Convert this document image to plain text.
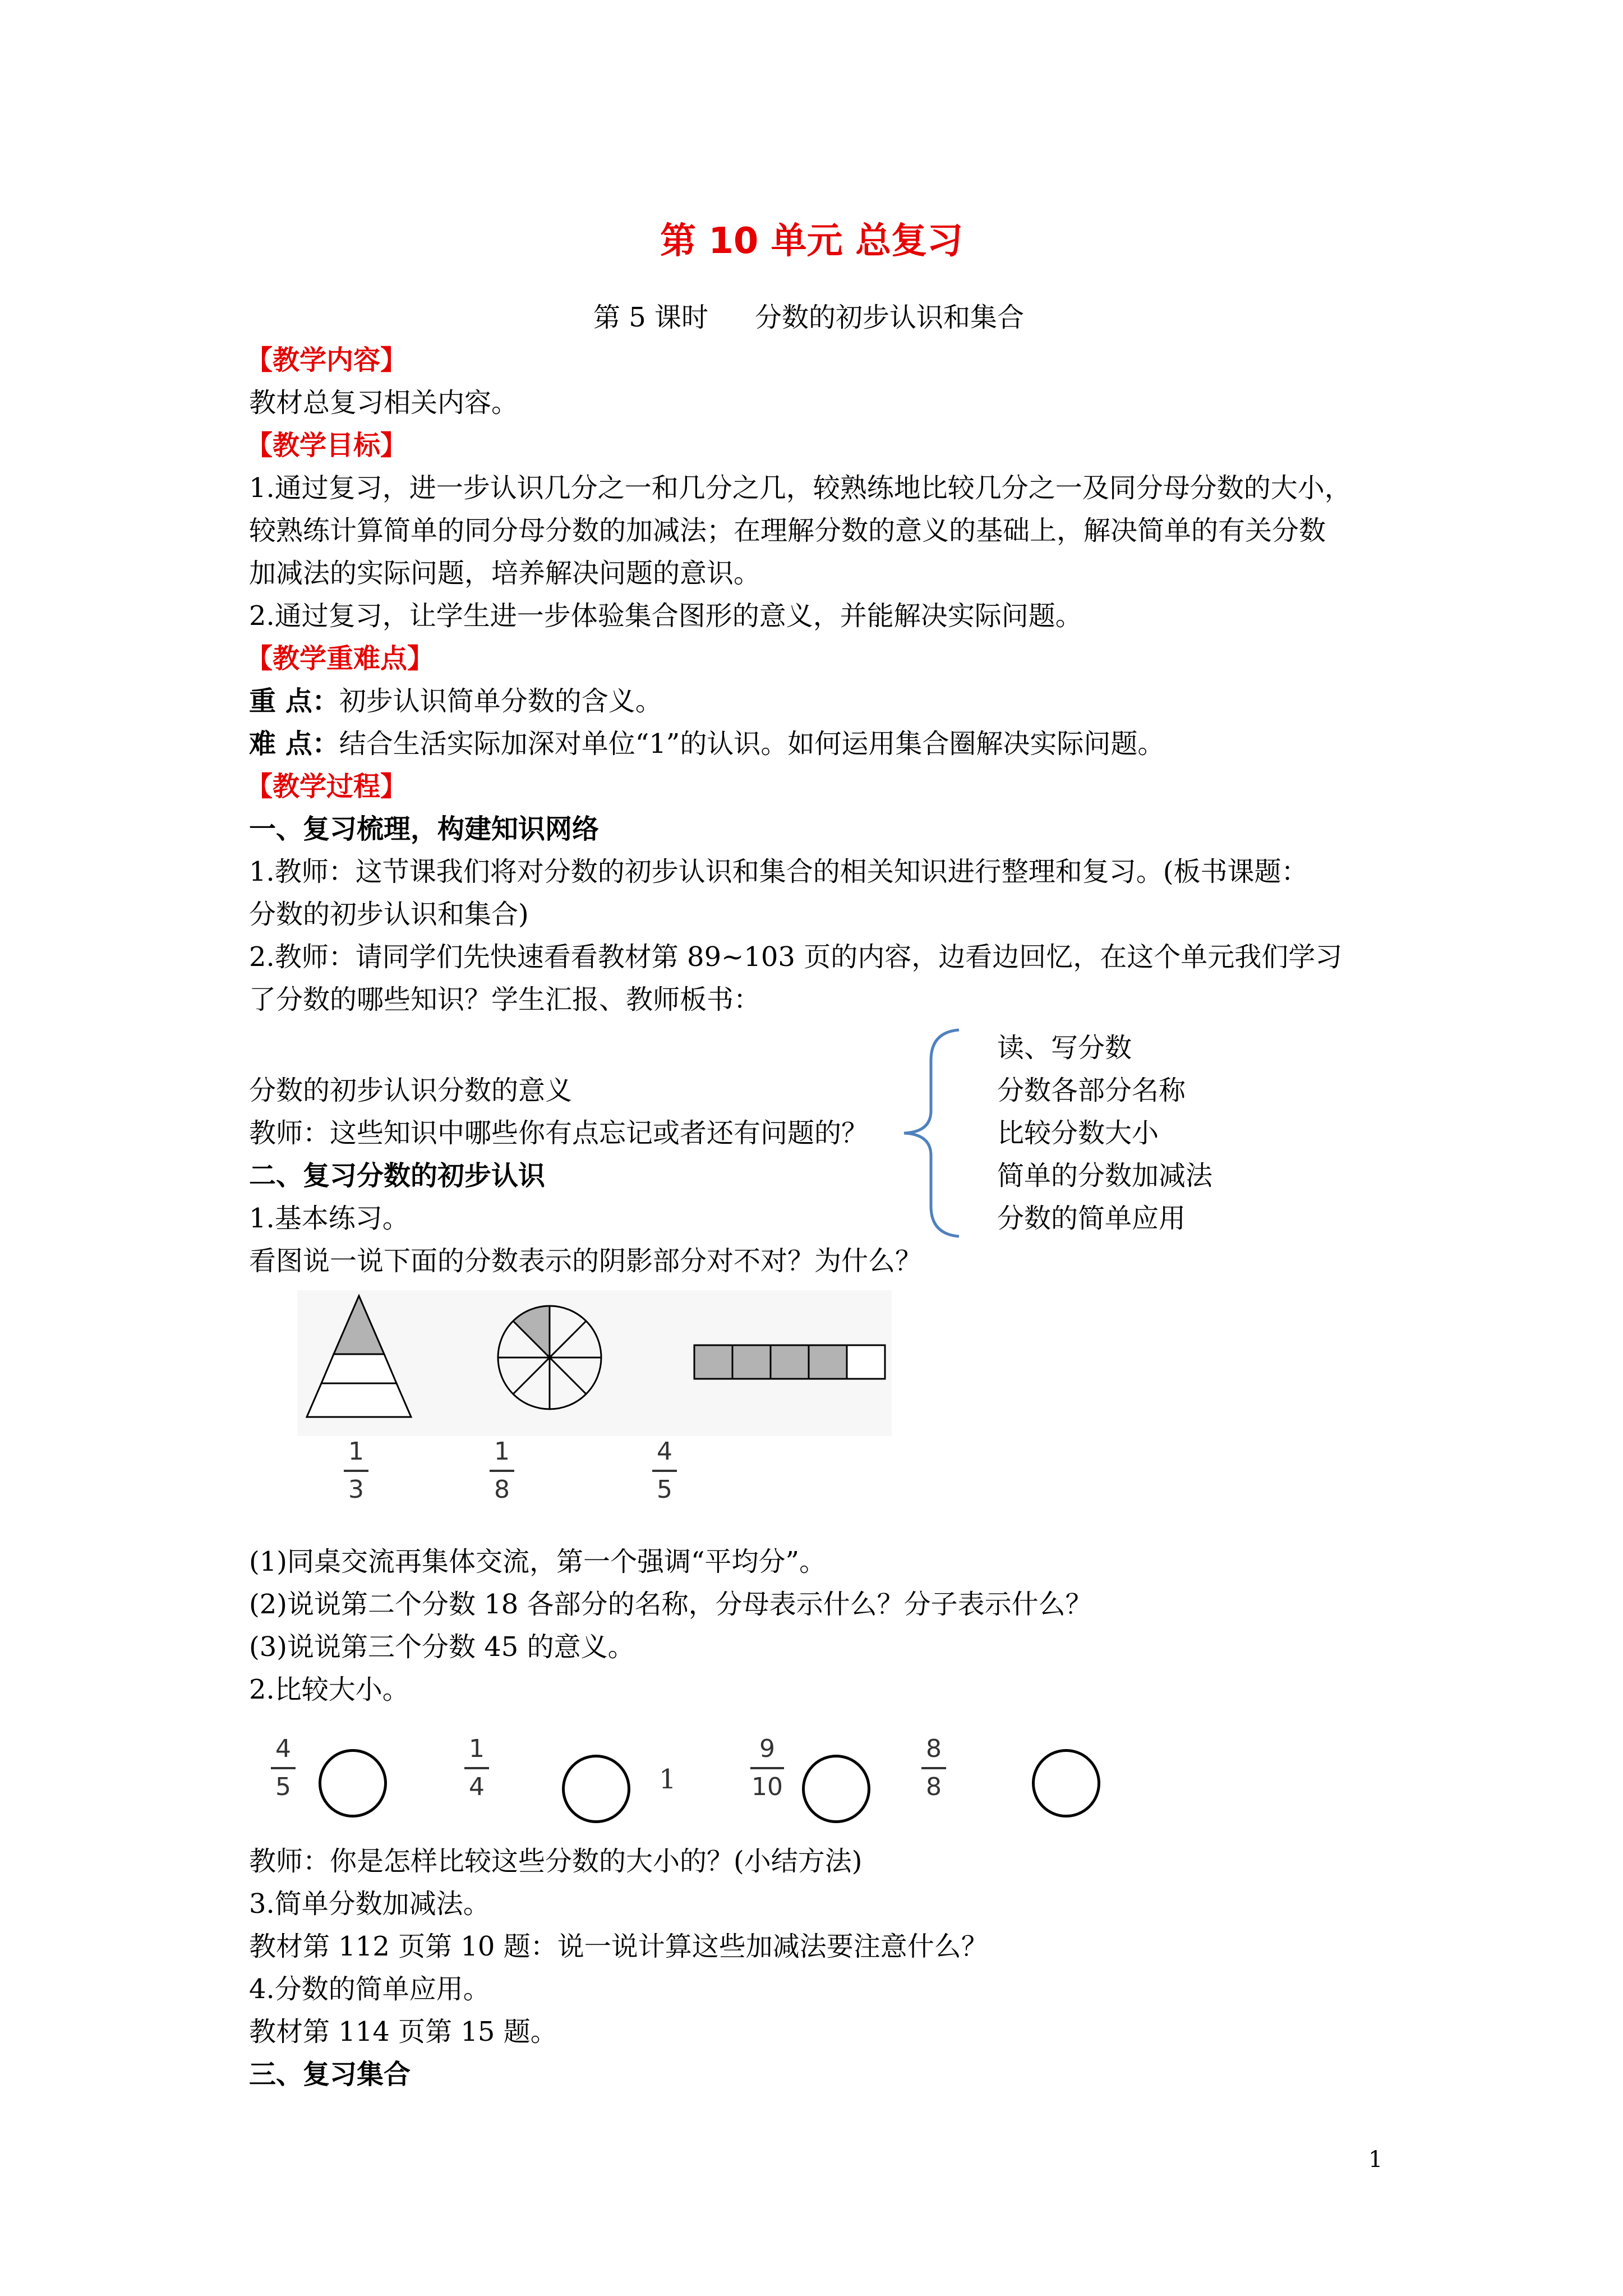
第 10 单元 总复习
第 5 课时 分数的初步认识和集合
【教学内容】
教材总复习相关内容。
【教学目标】
1.通过复习，进一步认识几分之一和几分之几，较熟练地比较几分之一及同分母分数的大小，
较熟练计算简单的同分母分数的加减法；在理解分数的意义的基础上，解决简单的有关分数
加减法的实际问题，培养解决问题的意识。
2.通过复习，让学生进一步体验集合图形的意义，并能解决实际问题。
【教学重难点】
重 点：初步认识简单分数的含义。
难 点：结合生活实际加深对单位“1”的认识。如何运用集合圈解决实际问题。
【教学过程】
一、复习梳理，构建知识网络
1.教师：这节课我们将对分数的初步认识和集合的相关知识进行整理和复习。(板书课题：
分数的初步认识和集合)
2.教师：请同学们先快速看看教材第 89~103 页的内容，边看边回忆，在这个单元我们学习
了分数的哪些知识？学生汇报、教师板书：
分数的初步认识分数的意义
读、写分数
分数各部分名称
比较分数大小
简单的分数加减法
分数的简单应用
教师：这些知识中哪些你有点忘记或者还有问题的？
二、复习分数的初步认识
1.基本练习。
看图说一说下面的分数表示的阴影部分对不对？为什么？
1
3
1
8
4
5
(1)同桌交流再集体交流，第一个强调“平均分”。
(2)说说第二个分数 18 各部分的名称，分母表示什么？分子表示什么？
(3)说说第三个分数 45 的意义。
2.比较大小。
4
5
1
4	1
9
10
8
8
教师：你是怎样比较这些分数的大小的？(小结方法)
3.简单分数加减法。
教材第 112 页第 10 题：说一说计算这些加减法要注意什么？
4.分数的简单应用。
教材第 114 页第 15 题。
三、复习集合
1
